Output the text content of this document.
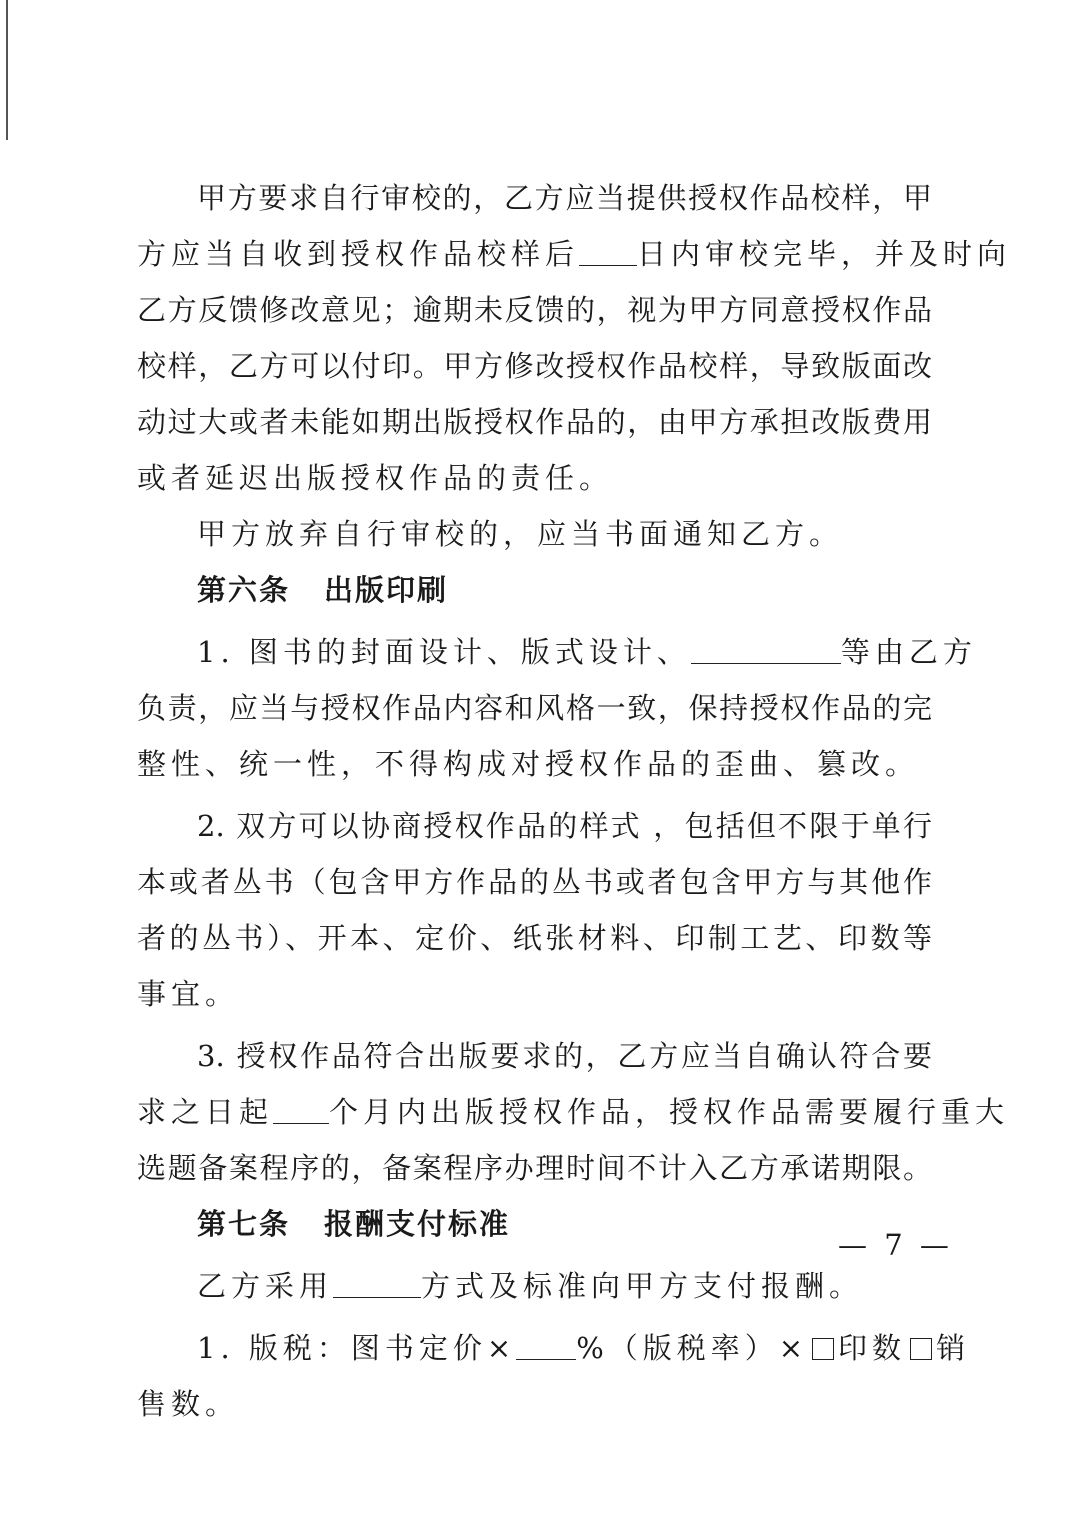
甲方要求自行审校的，乙方应当提供授权作品校样，甲
方应当自收到授权作品校样后 日内审校完毕，并及时向
乙方反馈修改意见；逾期未反馈的，视为甲方同意授权作品
校样，乙方可以付印。甲方修改授权作品校样，导致版面改
动过大或者未能如期出版授权作品的，由甲方承担改版费用
或者延迟出版授权作品的责任。
甲方放弃自行审校的，应当书面通知乙方。
第六条 出版印刷
1. 图书的封面设计、版式设计、	等由乙方
负责，应当与授权作品内容和风格一致，保持授权作品的完
整性、统一性，不得构成对授权作品的歪曲、篡改。
2. 双方可以协商授权作品的样式 ，包括但不限于单行
本或者丛书（包含甲方作品的丛书或者包含甲方与其他作
者的丛书）、开本、定价、纸张材料、印制工艺、印数等
事宜。
3. 授权作品符合出版要求的，乙方应当自确认符合要
求之日起 个月内出版授权作品，授权作品需要履行重大
选题备案程序的，备案程序办理时间不计入乙方承诺期限。
第七条 报酬支付标准
乙方采用	方式及标准向甲方支付报酬。
1. 版税：图书定价× %（版税率）× 印数 销
售数。
— 7 —
